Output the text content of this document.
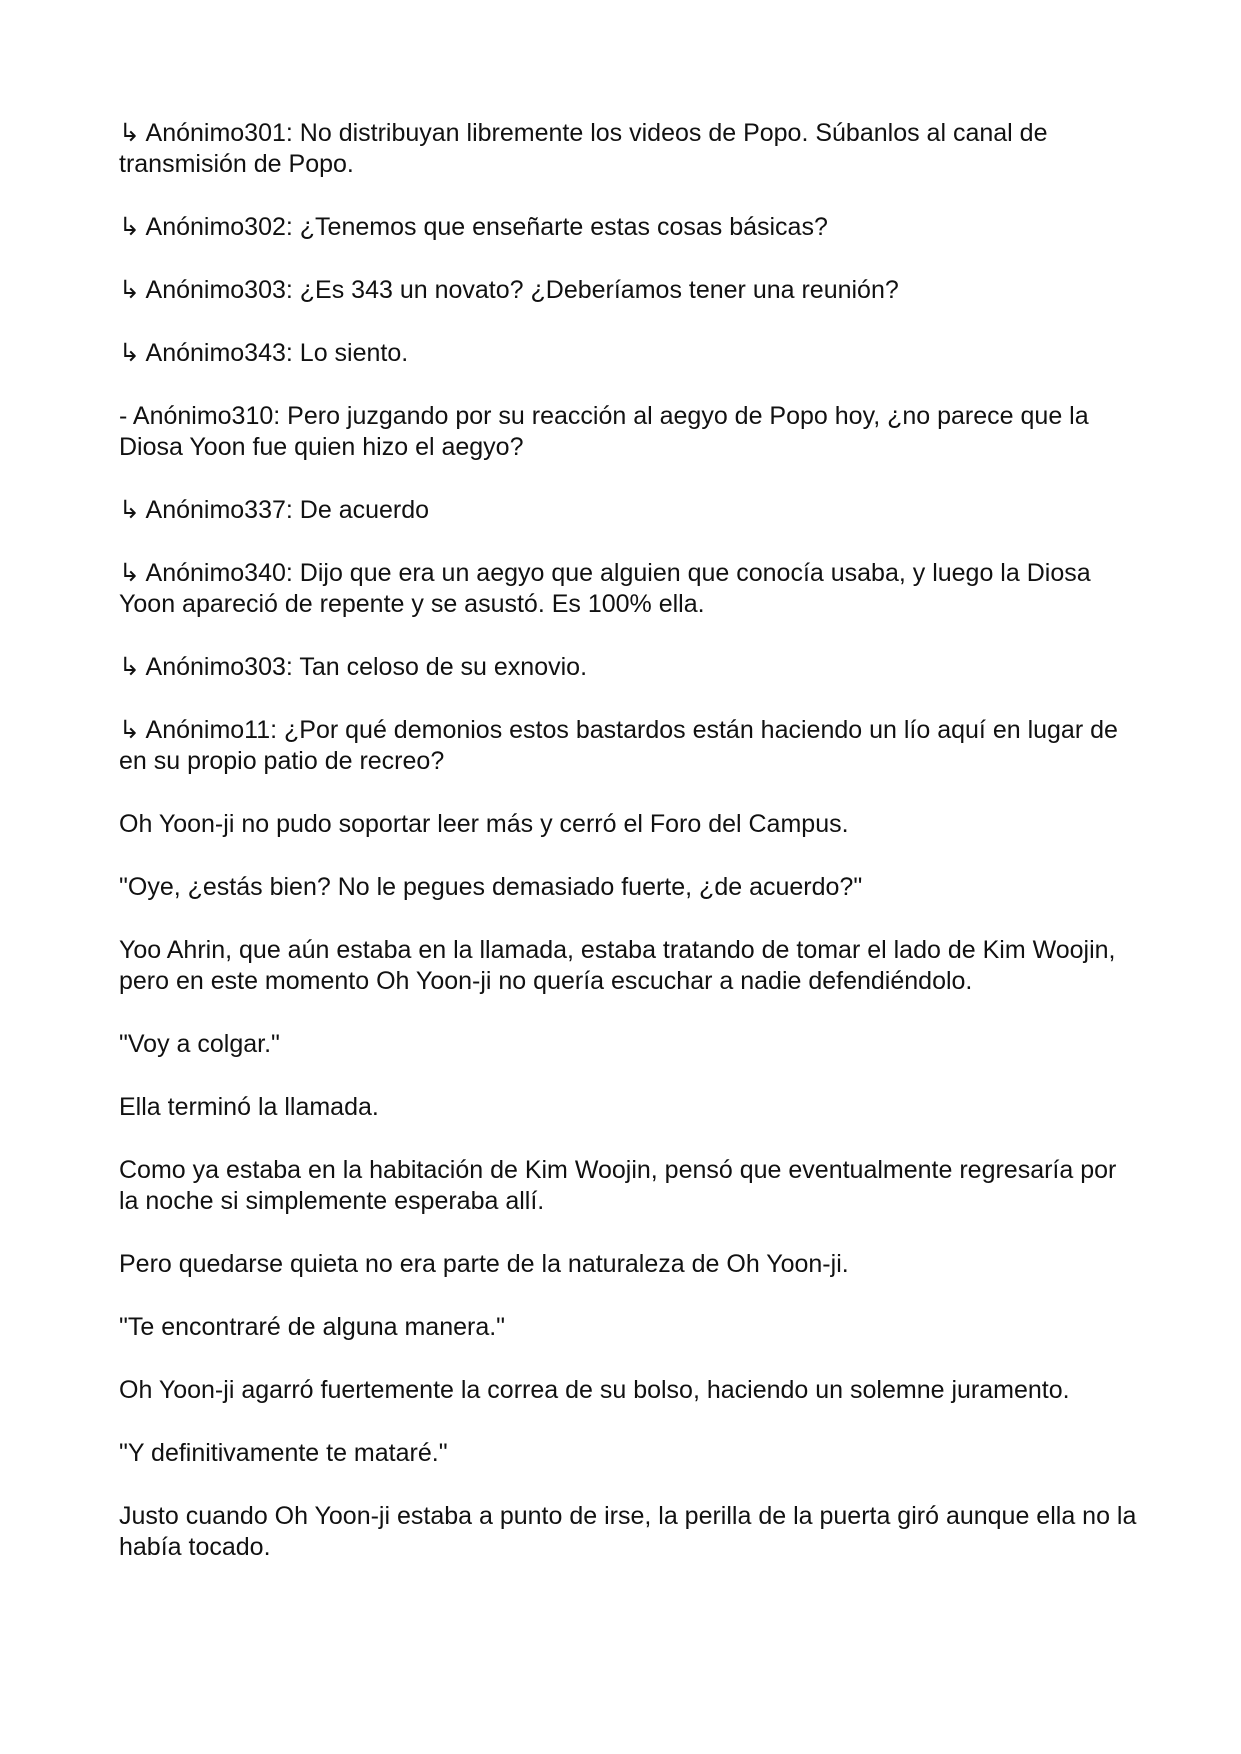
↳ Anónimo301: No distribuyan libremente los videos de Popo. Súbanlos al canal de transmisión de Popo.

↳ Anónimo302: ¿Tenemos que enseñarte estas cosas básicas?

↳ Anónimo303: ¿Es 343 un novato? ¿Deberíamos tener una reunión?

↳ Anónimo343: Lo siento.

- Anónimo310: Pero juzgando por su reacción al aegyo de Popo hoy, ¿no parece que la Diosa Yoon fue quien hizo el aegyo?

↳ Anónimo337: De acuerdo

↳ Anónimo340: Dijo que era un aegyo que alguien que conocía usaba, y luego la Diosa Yoon apareció de repente y se asustó. Es 100% ella.

↳ Anónimo303: Tan celoso de su exnovio.

↳ Anónimo11: ¿Por qué demonios estos bastardos están haciendo un lío aquí en lugar de en su propio patio de recreo?

Oh Yoon-ji no pudo soportar leer más y cerró el Foro del Campus.

"Oye, ¿estás bien? No le pegues demasiado fuerte, ¿de acuerdo?"

Yoo Ahrin, que aún estaba en la llamada, estaba tratando de tomar el lado de Kim Woojin, pero en este momento Oh Yoon-ji no quería escuchar a nadie defendiéndolo.

"Voy a colgar."

Ella terminó la llamada.

Como ya estaba en la habitación de Kim Woojin, pensó que eventualmente regresaría por la noche si simplemente esperaba allí.

Pero quedarse quieta no era parte de la naturaleza de Oh Yoon-ji.

"Te encontraré de alguna manera."

Oh Yoon-ji agarró fuertemente la correa de su bolso, haciendo un solemne juramento.

"Y definitivamente te mataré."

Justo cuando Oh Yoon-ji estaba a punto de irse, la perilla de la puerta giró aunque ella no la había tocado.
